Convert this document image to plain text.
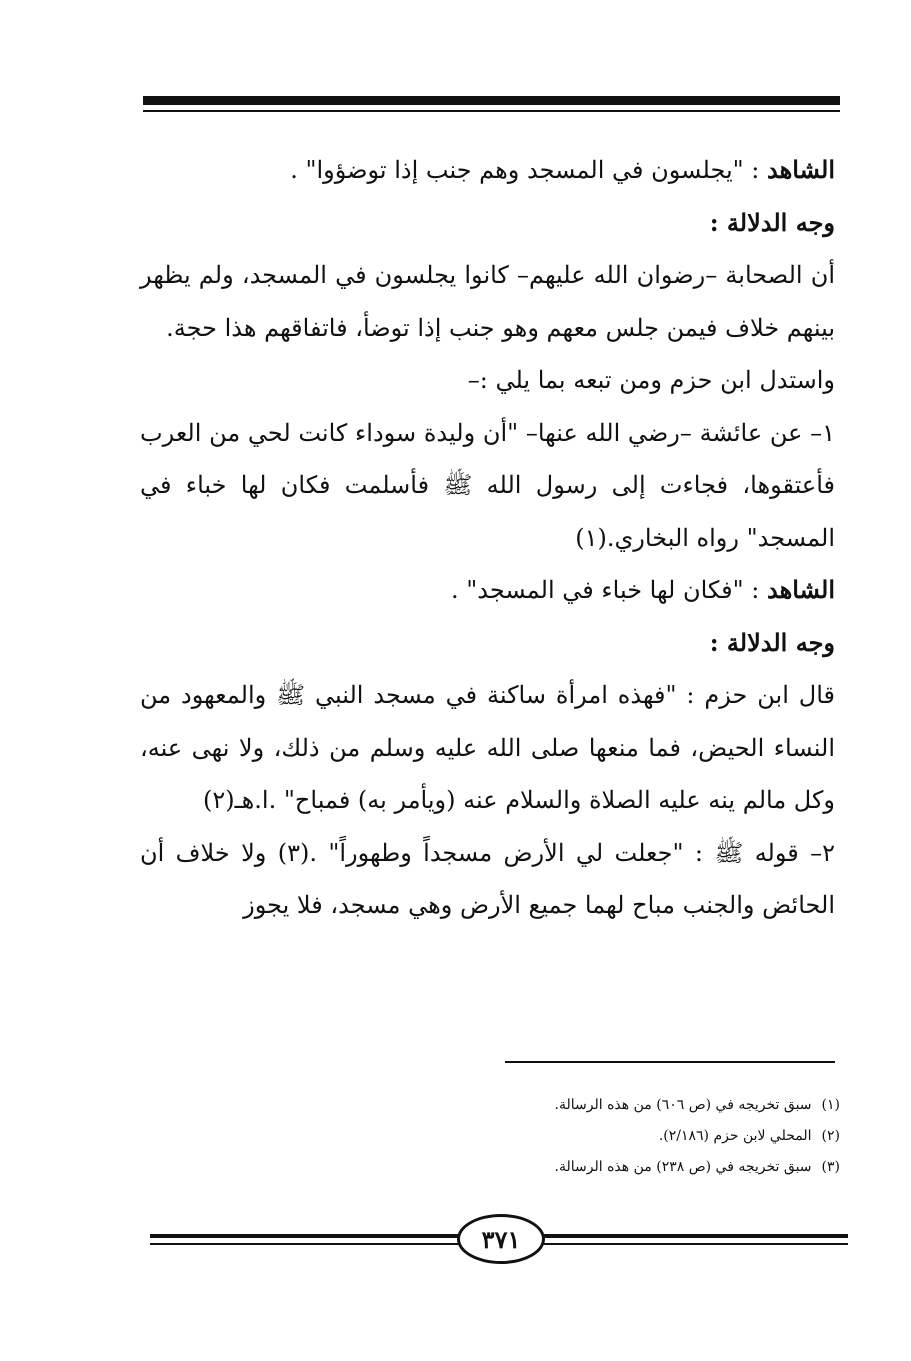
الشاهد : "يجلسون في المسجد وهم جنب إذا توضؤوا" .

وجه الدلالة :

أن الصحابة –رضوان الله عليهم– كانوا يجلسون في المسجد، ولم يظهر بينهم خلاف فيمن جلس معهم وهو جنب إذا توضأ، فاتفاقهم هذا حجة.

واستدل ابن حزم ومن تبعه بما يلي :–

١– عن عائشة –رضي الله عنها– "أن وليدة سوداء كانت لحي من العرب فأعتقوها، فجاءت إلى رسول الله ﷺ فأسلمت فكان لها خباء في المسجد" رواه البخاري.(١)

الشاهد : "فكان لها خباء في المسجد" .

وجه الدلالة :

قال ابن حزم : "فهذه امرأة ساكنة في مسجد النبي ﷺ والمعهود من النساء الحيض، فما منعها صلى الله عليه وسلم من ذلك، ولا نهى عنه، وكل مالم ينه عليه الصلاة والسلام عنه (ويأمر به) فمباح" .ا.هـ(٢)

٢– قوله ﷺ : "جعلت لي الأرض مسجداً وطهوراً" .(٣) ولا خلاف أن الحائض والجنب مباح لهما جميع الأرض وهي مسجد، فلا يجوز

(١)سبق تخريجه في (ص ٦٠٦) من هذه الرسالة.

(٢)المحلي لابن حزم (٢/١٨٦).

(٣)سبق تخريجه في (ص ٢٣٨) من هذه الرسالة.

٣٧١
